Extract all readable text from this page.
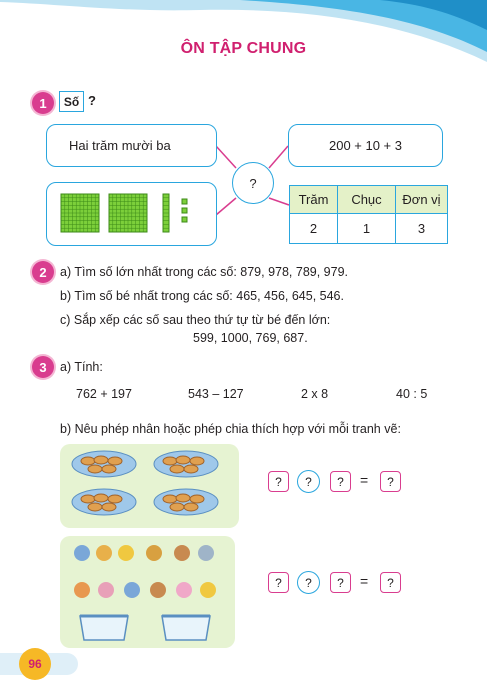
ÔN TẬP CHUNG
1	Số ?
Hai trăm mười ba	200 + 10 + 3
?
Trăm	Chục	Đơn vị
2	1	3
2	a) Tìm số lớn nhất trong các số: 879, 978, 789, 979.
b) Tìm số bé nhất trong các số: 465, 456, 645, 546.
c) Sắp xếp các số sau theo thứ tự từ bé đến lớn:
599, 1000, 769, 687.
3	a) Tính:
762 + 197	543 – 127	2 x 8	40 : 5
b) Nêu phép nhân hoặc phép chia thích hợp với mỗi tranh vẽ:
?	?	?	=	?
?	?	?	=	?
96
